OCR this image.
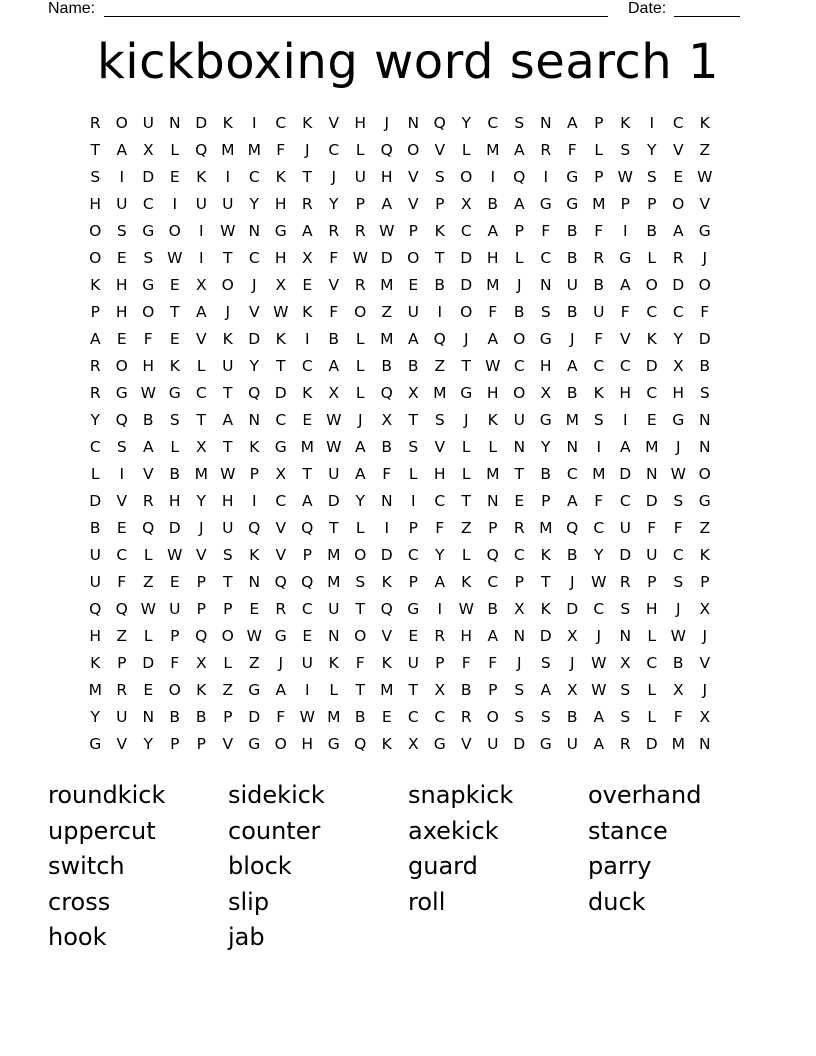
Name:	Date:
kickboxing word search 1
R O U N D K	I	C	K	V H	J	N Q	Y	C	S	N A	P	K	I	C	K
T	A	X	L	Q M M F	J	C	L	Q O V	L	M A	R	F	L	S	Y	V	Z
S	I	D	E	K	I	C	K	T	J	U H V	S O	I	Q	I	G	P W S	E W
H U C	I	U U	Y	H R	Y	P	A	V	P	X	B	A G G M P	P	O V
O S	G O	I	W N G A	R	R W P	K	C	A	P	F	B	F	I	B	A G
O	E	S W	I	T	C H X	F W D O	T	D H	L	C	B	R G	L	R	J
K	H G	E	X O	J	X	E	V	R M E	B D M	J	N U	B	A O D O
P	H O	T	A	J	V W K	F	O Z	U	I	O	F	B	S	B	U	F	C	C	F
A	E	F	E	V	K D K	I	B	L	M A Q	J	A O G	J	F	V	K	Y	D
R O H	K	L	U	Y	T	C	A	L	B	B	Z	T W C H A	C	C D X	B
R G W G C	T	Q D K	X	L	Q X M G H O X	B	K	H C H	S
Y	Q B	S	T	A N C	E W	J	X	T	S	J	K	U G M S	I	E	G N
C	S	A	L	X	T	K G M W A	B	S	V	L	L	N	Y	N	I	A M	J	N
L	I	V	B M W P	X	T	U	A	F	L	H	L	M T	B	C M D N W O
D V	R H	Y	H	I	C	A D	Y	N	I	C	T	N	E	P	A	F	C D	S	G
B	E	Q D	J	U Q V Q	T	L	I	P	F	Z	P	R M Q C U	F	F	Z
U C	L W V	S	K	V	P M O D C	Y	L	Q C	K	B	Y	D U C	K
U	F	Z	E	P	T	N Q Q M S	K	P	A	K	C	P	T	J	W R	P	S	P
Q Q W U	P	P	E	R	C U	T	Q G	I	W B	X	K D C	S	H	J	X
H Z	L	P	Q O W G	E	N O V	E	R H A N D X	J	N	L W	J
K	P	D	F	X	L	Z	J	U	K	F	K	U	P	F	F	J	S	J	W X	C	B	V
M R	E	O K	Z G A	I	L	T M T	X	B	P	S	A	X W S	L	X	J
Y	U N B	B	P	D	F W M B	E	C	C	R O S	S	B	A	S	L	F	X
G V	Y	P	P	V G O H G Q K	X G V	U D G U	A	R D M N
roundkick	sidekick	snapkick	overhand
uppercut	counter	axekick	stance
switch	block	guard	parry
cross	slip	roll	duck
hook	jab
